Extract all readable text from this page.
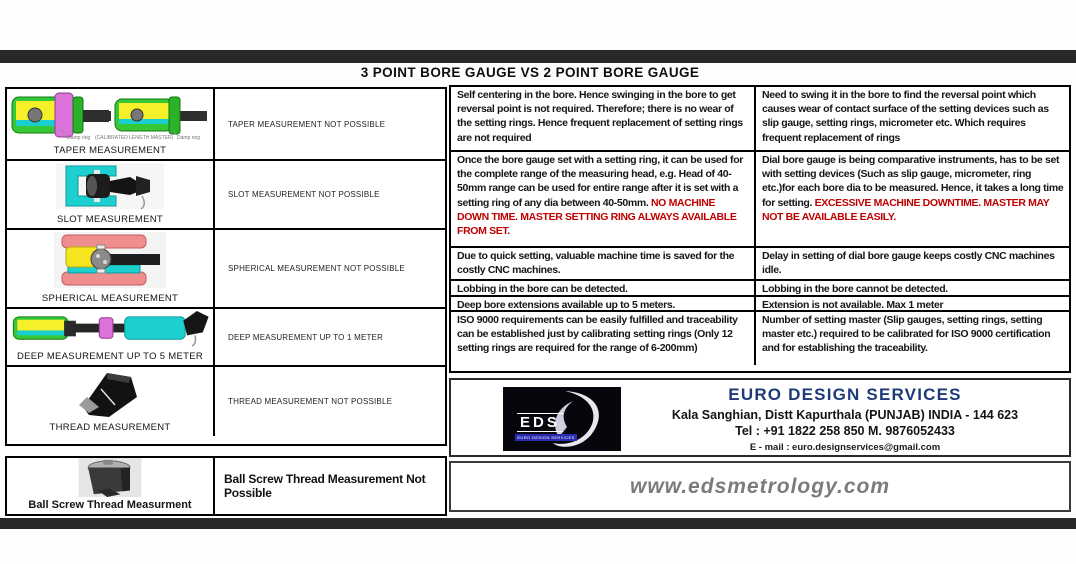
3 POINT BORE GAUGE VS 2 POINT BORE GAUGE
Clamp ring (CALIBRATED LENGTH MASTER) Damp ring
TAPER MEASUREMENT
TAPER MEASUREMENT NOT POSSIBLE
SLOT MEASUREMENT
SLOT MEASUREMENT NOT POSSIBLE
SPHERICAL MEASUREMENT
SPHERICAL MEASUREMENT NOT POSSIBLE
DEEP MEASUREMENT UP TO 5 METER
DEEP MEASUREMENT UP TO 1 METER
THREAD MEASUREMENT
THREAD MEASUREMENT NOT POSSIBLE
Ball Screw Thread Measurment
Ball Screw Thread Measurement Not Possible
Self centering in the bore. Hence swinging in the bore to get reversal point is not required. Therefore; there is no wear of the setting rings. Hence frequent replacement of setting rings are not required
Need to swing it in the bore to find the reversal point which causes wear of contact surface of the setting devices such as slip gauge, setting rings, micrometer etc. Which requires frequent replacement of rings
Once the bore gauge set with a setting ring, it can be used for the complete range of the measuring head, e.g. Head of 40-50mm range can be used for entire range after it is set with a setting ring of any dia between 40-50mm. NO MACHINE DOWN TIME. MASTER SETTING RING ALWAYS AVAILABLE FROM SET.
Dial bore gauge is being comparative instruments, has to be set with setting devices (Such as slip gauge, micrometer, ring etc.)for each bore dia to be measured. Hence, it takes a long time for setting. EXCESSIVE MACHINE DOWNTIME. MASTER MAY NOT BE AVAILABLE EASILY.
Due to quick setting, valuable machine time is saved for the costly CNC machines.
Delay in setting of dial bore gauge keeps costly CNC machines idle.
Lobbing in the bore can be detected.	Lobbing in the bore cannot be detected.
Deep bore extensions available up to 5 meters.	Extension is not available. Max 1 meter
ISO 9000 requirements can be easily fulfilled and traceability can be established just by calibrating setting rings (Only 12 setting rings are required for the range of 6-200mm)
Number of setting master (Slip gauges, setting rings, setting master etc.) required to be calibrated for ISO 9000 certification and for establishing the traceability.
EDS
EURO DESIGN SERVICES
EURO DESIGN SERVICES
Kala Sanghian, Distt Kapurthala (PUNJAB) INDIA - 144 623
Tel : +91 1822 258 850 M. 9876052433
E - mail : euro.designservices@gmail.com
www.edsmetrology.com
